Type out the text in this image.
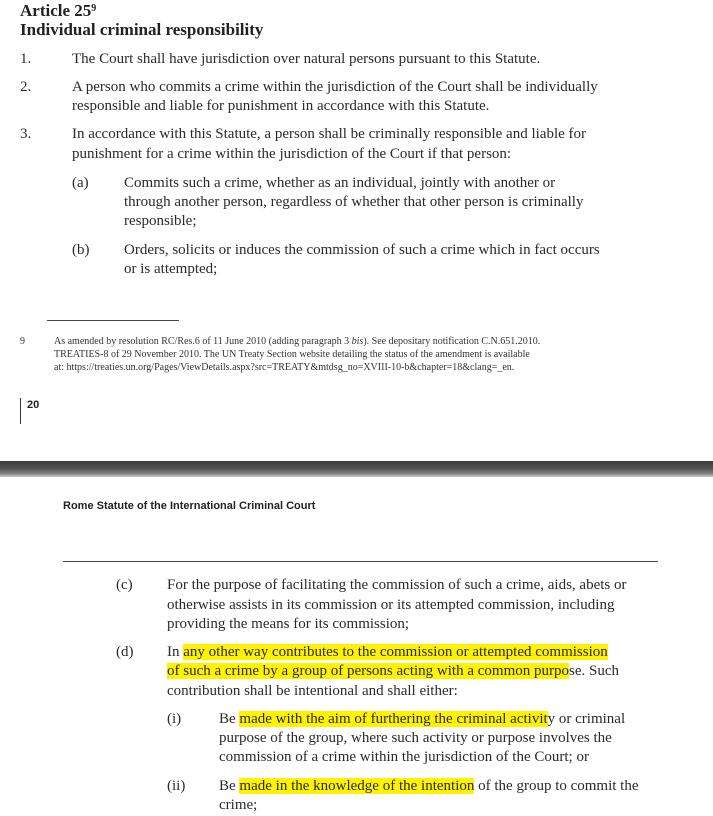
Article $25^9$
Individual criminal responsibility
1.	The Court shall have jurisdiction over natural persons pursuant to this Statute.
2.	A person who commits a crime within the jurisdiction of the Court shall be individually
responsible and liable for punishment in accordance with this Statute.
3.	In accordance with this Statute, a person shall be criminally responsible and liable for
punishment for a crime within the jurisdiction of the Court if that person:
(a) Commits such a crime, whether as an individual, jointly with another or
through another person, regardless of whether that other person is criminally
responsible;
(b) Orders, solicits or induces the commission of such a crime which in fact occurs
or is attempted;
9	As amended by resolution RC/Res.6 of 11 June 2010 (adding paragraph 3 bis). See depositary notification C.N.651.2010.
TREATIES-8 of 29 November 2010. The UN Treaty Section website detailing the status of the amendment is available
at: https://treaties.un.org/Pages/ViewDetails.aspx?src=TREATY&mtdsg_no=XVIII-10-b&chapter=18&clang=_en.
20
Rome Statute of the International Criminal Court
(c) For the purpose of facilitating the commission of such a crime, aids, abets or
otherwise assists in its commission or its attempted commission, including
providing the means for its commission;
(d) In any other way contributes to the commission or attempted commission
of such a crime by a group of persons acting with a common purpose. Such
contribution shall be intentional and shall either:
(i)	Be made with the aim of furthering the criminal activity or criminal
purpose of the group, where such activity or purpose involves the
commission of a crime within the jurisdiction of the Court; or
(ii) Be made in the knowledge of the intention of the group to commit the
crime;
